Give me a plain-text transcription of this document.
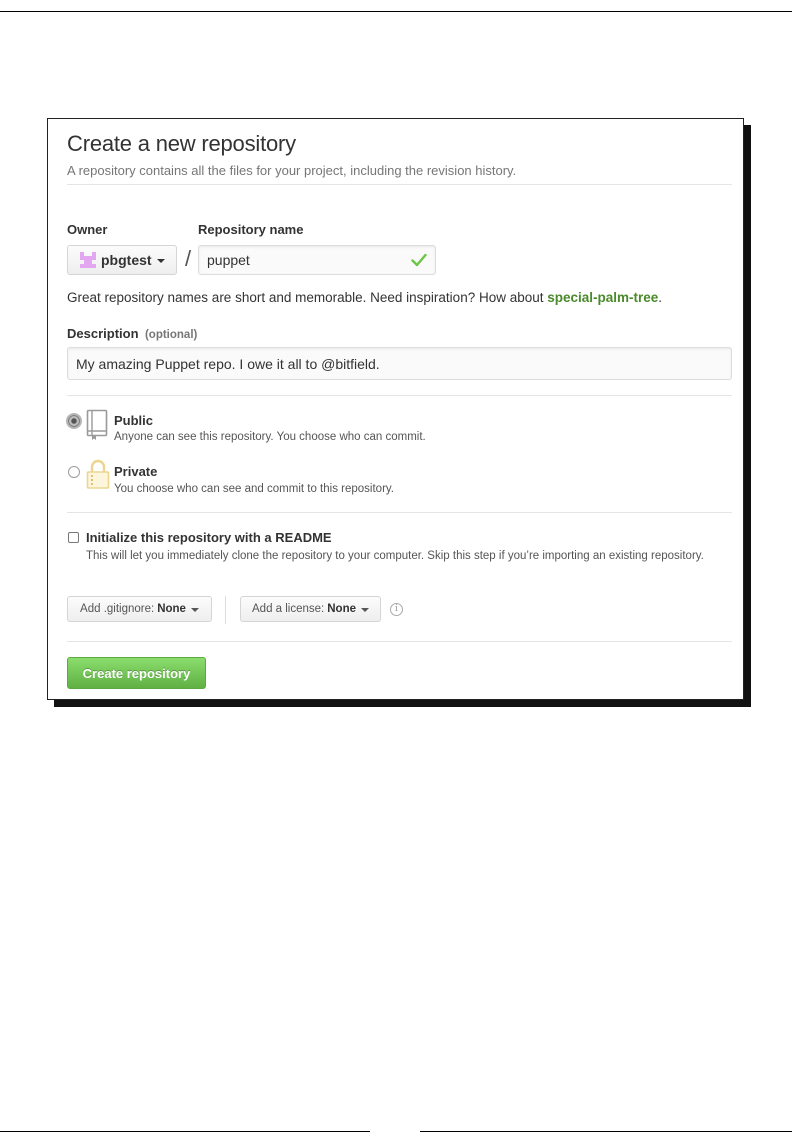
Create a new repository
A repository contains all the files for your project, including the revision history.
Owner	Repository name
pbgtest / puppet
Great repository names are short and memorable. Need inspiration? How about special-palm-tree.
Description (optional)
My amazing Puppet repo. I owe it all to @bitfield.
Public
Anyone can see this repository. You choose who can commit.
Private
You choose who can see and commit to this repository.
Initialize this repository with a README
This will let you immediately clone the repository to your computer. Skip this step if you’re importing an existing repository.
Add .gitignore: None	Add a license: None	i
Create repository
